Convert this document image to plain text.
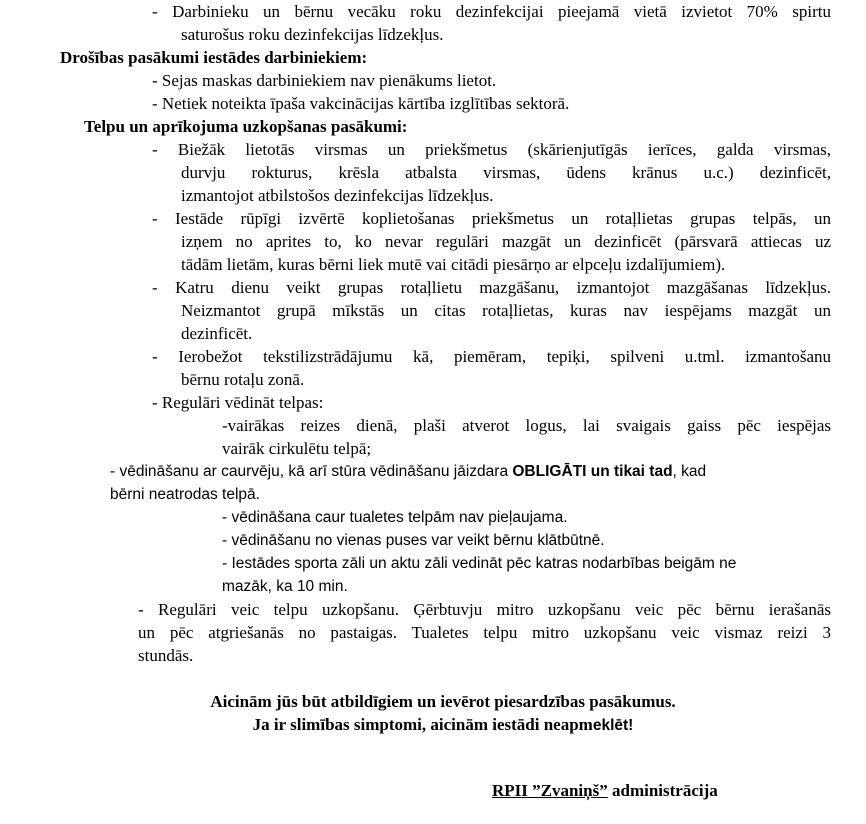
- Darbinieku un bērnu vecāku roku dezinfekcijai pieejamā vietā izvietot 70% spirtu
saturošus roku dezinfekcijas līdzekļus.
Drošības pasākumi iestādes darbiniekiem:
- Sejas maskas darbiniekiem nav pienākums lietot.
- Netiek noteikta īpaša vakcinācijas kārtība izglītības sektorā.
Telpu un aprīkojuma uzkopšanas pasākumi:
- Biežāk lietotās virsmas un priekšmetus (skārienjutīgās ierīces, galda virsmas,
durvju rokturus, krēsla atbalsta virsmas, ūdens krānus u.c.) dezinficēt,
izmantojot atbilstošos dezinfekcijas līdzekļus.
- Iestāde rūpīgi izvērtē koplietošanas priekšmetus un rotaļlietas grupas telpās, un
izņem no aprites to, ko nevar regulāri mazgāt un dezinficēt (pārsvarā attiecas uz
tādām lietām, kuras bērni liek mutē vai citādi piesārņo ar elpceļu izdalījumiem).
- Katru dienu veikt grupas rotaļlietu mazgāšanu, izmantojot mazgāšanas līdzekļus.
Neizmantot grupā mīkstās un citas rotaļlietas, kuras nav iespējams mazgāt un
dezinficēt.
- Ierobežot tekstilizstrādājumu kā, piemēram, tepiķi, spilveni u.tml. izmantošanu
bērnu rotaļu zonā.
- Regulāri vēdināt telpas:
-vairākas reizes dienā, plaši atverot logus, lai svaigais gaiss pēc iespējas
vairāk cirkulētu telpā;
- vēdināšanu ar caurvēju, kā arī stūra vēdināšanu jāizdara OBLIGĀTI un tikai tad, kad
bērni neatrodas telpā.
- vēdināšana caur tualetes telpām nav pieļaujama.
- vēdināšanu no vienas puses var veikt bērnu klātbūtnē.
- Iestādes sporta zāli un aktu zāli vedināt pēc katras nodarbības beigām ne
mazāk, ka 10 min.
- Regulāri veic telpu uzkopšanu. Ģērbtuvju mitro uzkopšanu veic pēc bērnu ierašanās
un pēc atgriešanās no pastaigas. Tualetes telpu mitro uzkopšanu veic vismaz reizi 3
stundās.
Aicinām jūs būt atbildīgiem un ievērot piesardzības pasākumus.
Ja ir slimības simptomi, aicinām iestādi neapmeklēt!
RPII ”Zvaniņš” administrācija
